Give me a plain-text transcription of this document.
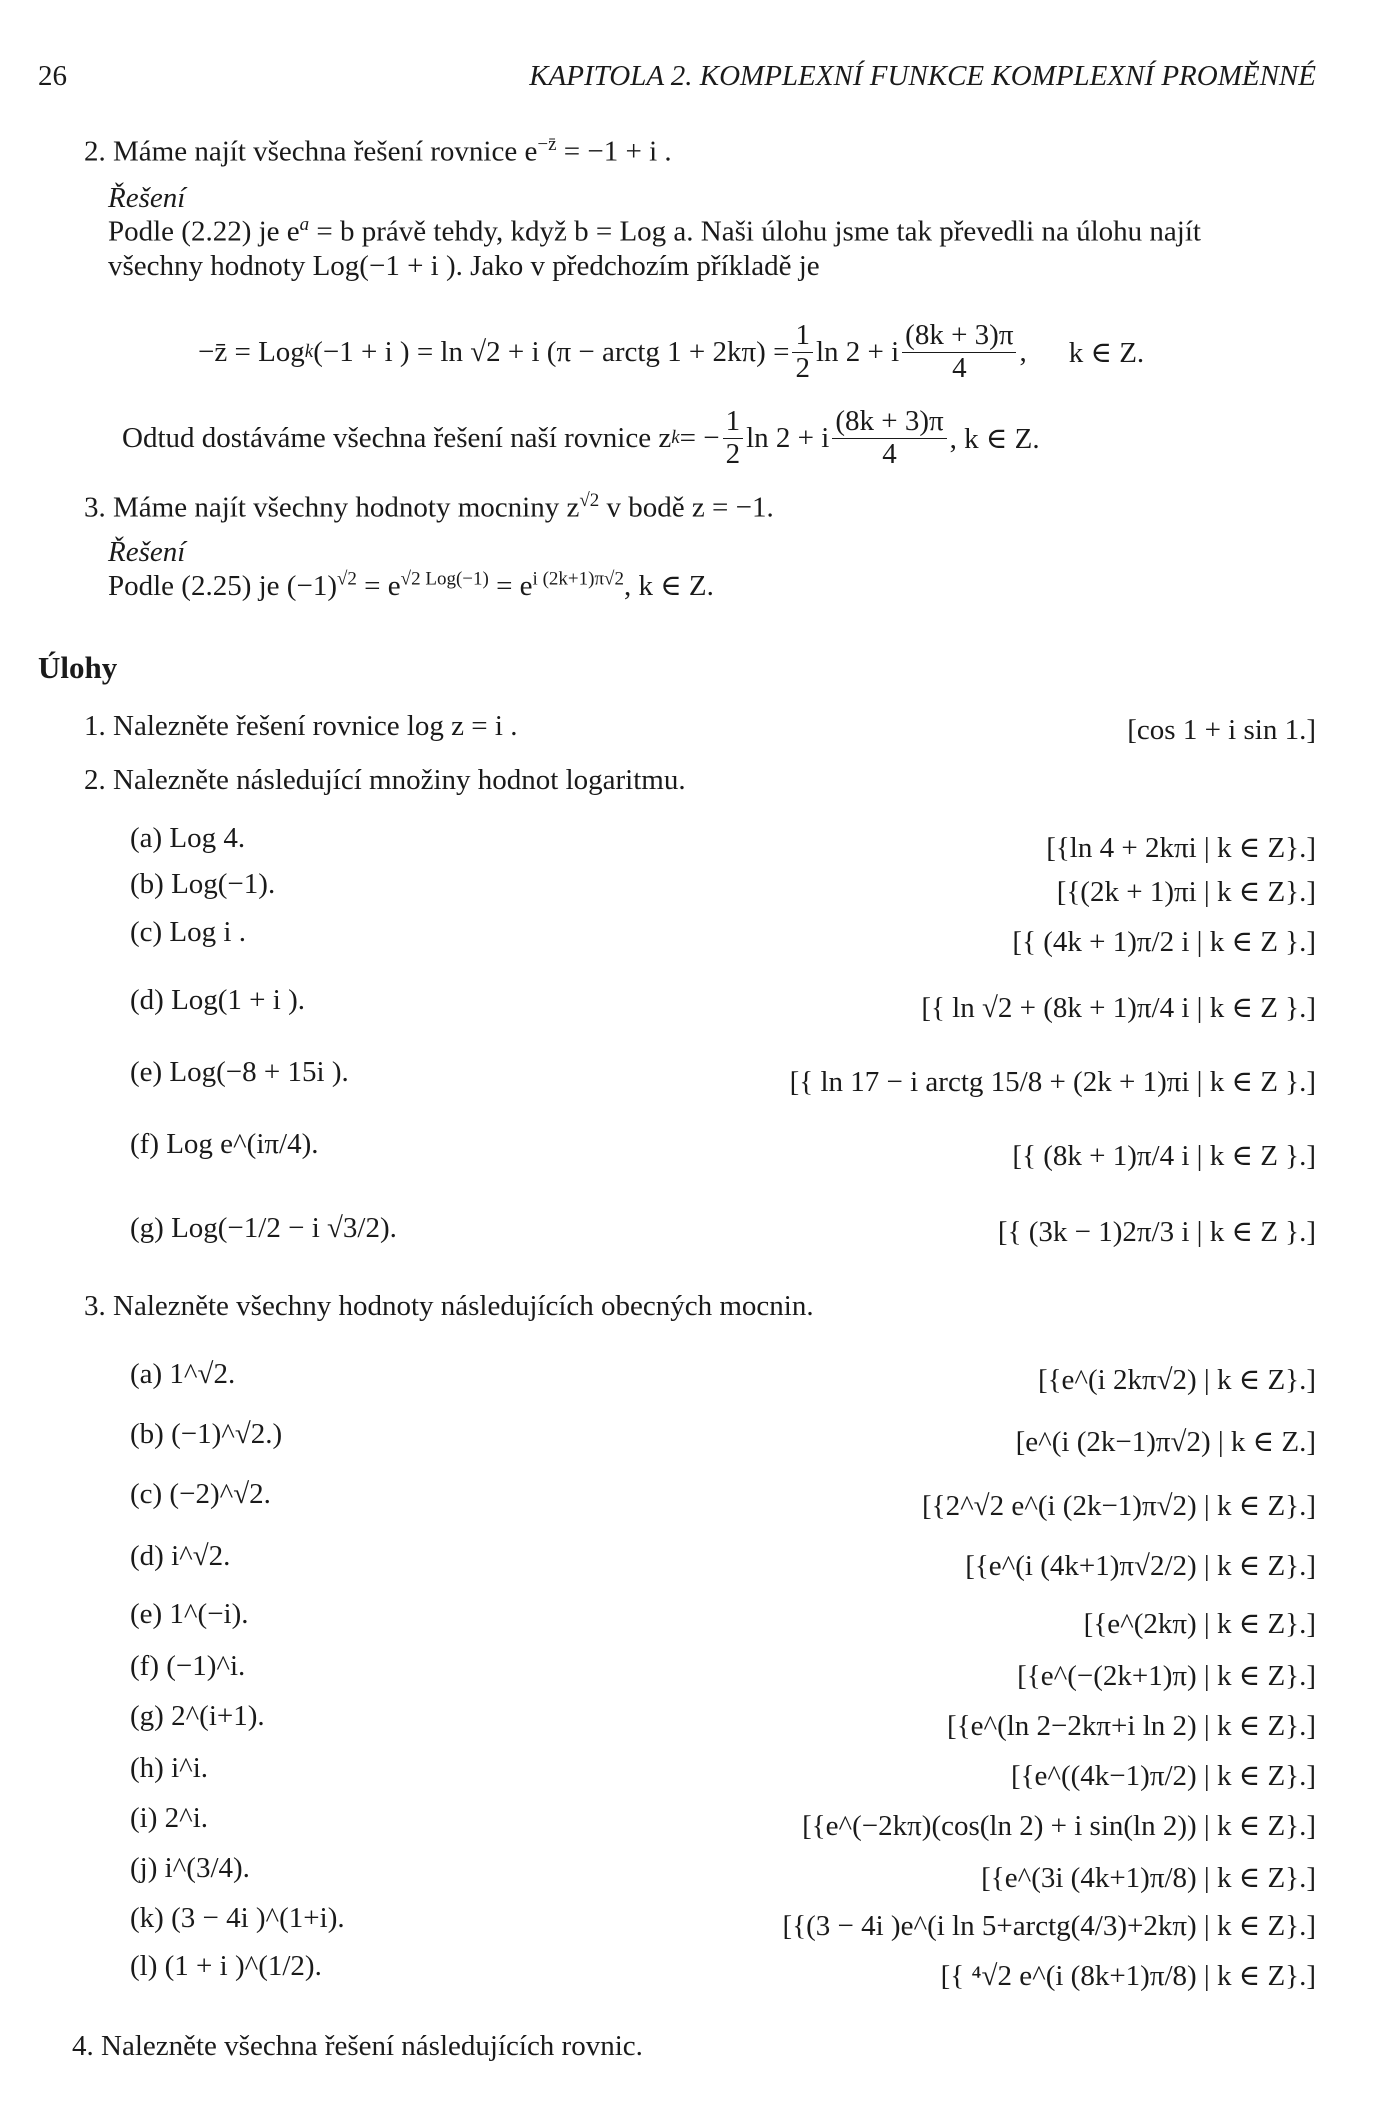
26	KAPITOLA 2. KOMPLEXNÍ FUNKCE KOMPLEXNÍ PROMĚNNÉ
2. Máme najít všechna řešení rovnice $e^{-z̄} = -1 + i$ .
Řešení
Podle (2.22) je $e^a = b$ právě tehdy, když b = Log a. Naši úlohu jsme tak převedli na úlohu najít
všechny hodnoty Log(−1 + i ). Jako v předchozím příkladě je
−z̄ = Log k (−1 + i ) = ln √2 + i (π − arctg $1 + 2k\pi) = \frac{1}{2}$ ln 2 + i $\frac{(8k + 3)\pi}{4}$ , k ∈ Z.
Odtud dostáváme všechna řešení naší rovnice z k = − $\frac{1}{2}$ ln 2 + i $\frac{(8k + 3)\pi}{4}$ , k ∈ Z.
3. Máme najít všechny hodnoty mocniny $z^{√2}$ v bodě z = −1.
Řešení
Podle (2.25) je $(-1)^{√2} = e^{√2 Log(-1)} = e^{i (2k+1)\pi√2}$, k ∈ Z.
Úlohy
1. Nalezněte řešení rovnice log z = i .	[cos 1 + i sin 1.]
2. Nalezněte následující množiny hodnot logaritmu.
(a) Log 4.	[{ln 4 + 2kπi | k ∈ Z}.]
(b) Log(−1).	[{(2k + 1)πi | k ∈ Z}.]
(c) Log i .	[{ (4k + 1)π/2 i | k ∈ Z }.]
(d) Log(1 + i ).	[{ ln √2 + (8k + 1)π/4 i | k ∈ Z }.]
(e) Log(−8 + 15i ).	[{ ln 17 − i arctg 15/8 + (2k + 1)πi | k ∈ Z }.]
(f) Log e^(iπ/4).	[{ (8k + 1)π/4 i | k ∈ Z }.]
(g) Log(−1/2 − i √3/2).	[{ (3k − 1)2π/3 i | k ∈ Z }.]
3. Nalezněte všechny hodnoty následujících obecných mocnin.
(a) 1^√2.	[{e^(i 2kπ√2) | k ∈ Z}.]
(b) (−1)^√2.)	[e^(i (2k−1)π√2) | k ∈ Z.]
(c) (−2)^√2.	[{2^√2 e^(i (2k−1)π√2) | k ∈ Z}.]
(d) i^√2.	[{e^(i (4k+1)π√2/2) | k ∈ Z}.]
(e) 1^(−i).	[{e^(2kπ) | k ∈ Z}.]
(f) (−1)^i.	[{e^(−(2k+1)π) | k ∈ Z}.]
(g) 2^(i+1).	[{e^(ln 2−2kπ+i ln 2) | k ∈ Z}.]
(h) i^i.	[{e^((4k−1)π/2) | k ∈ Z}.]
(i) 2^i.	[{e^(−2kπ)(cos(ln 2) + i sin(ln 2)) | k ∈ Z}.]
(j) i^(3/4).	[{e^(3i (4k+1)π/8) | k ∈ Z}.]
(k) (3 − 4i )^(1+i).	[{(3 − 4i )e^(i ln 5+arctg(4/3)+2kπ) | k ∈ Z}.]
(l) (1 + i )^(1/2).	[{ ⁴√2 e^(i (8k+1)π/8) | k ∈ Z}.]
4. Nalezněte všechna řešení následujících rovnic.
